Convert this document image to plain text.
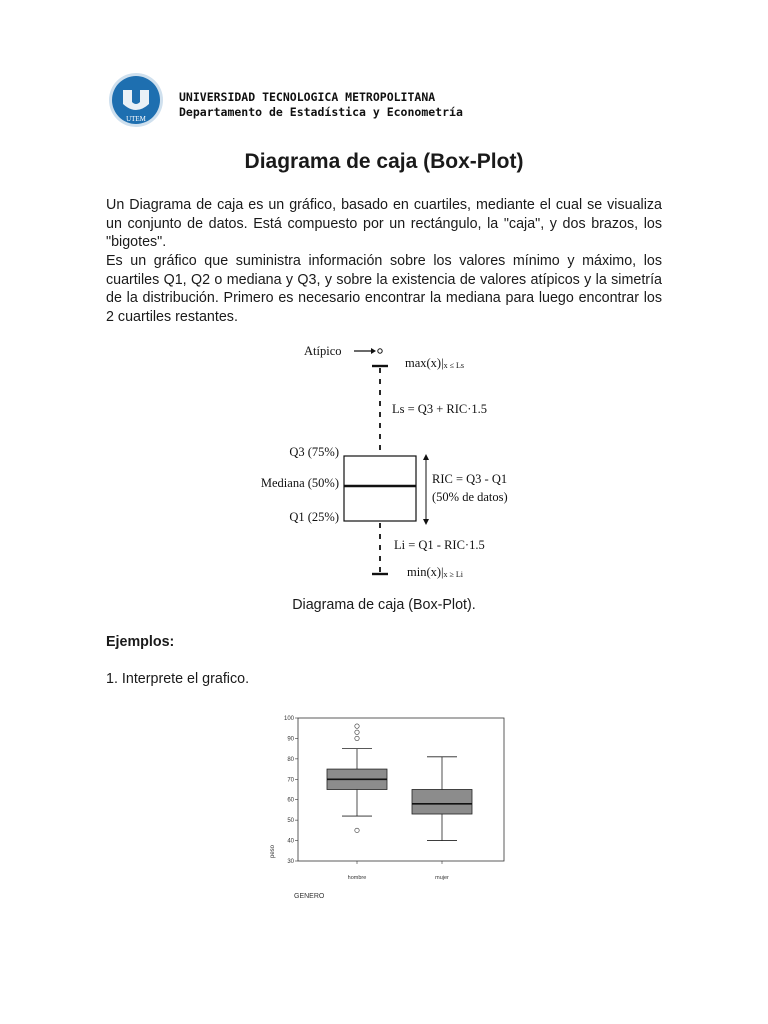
UTEM
UNIVERSIDAD TECNOLOGICA METROPOLITANA
Departamento de Estadística y Econometría
Diagrama de caja (Box-Plot)
Un Diagrama de caja es un gráfico, basado en cuartiles, mediante el cual se visualiza un conjunto de datos. Está compuesto por un rectángulo, la "caja", y dos brazos, los "bigotes".
Es un gráfico que suministra información sobre los valores mínimo y máximo, los cuartiles Q1, Q2 o mediana y Q3, y sobre la existencia de valores atípicos y la simetría de la distribución. Primero es necesario encontrar la mediana para luego encontrar los 2 cuartiles restantes.
Atípico
max(x)|x ≤ Ls
Ls = Q3 + RIC·1.5
Q3 (75%)
Mediana (50%)
Q1 (25%)
RIC = Q3 - Q1
(50% de datos)
Li = Q1 - RIC·1.5
min(x)|x ≥ Li
Diagrama de caja (Box-Plot).
Ejemplos:
1. Interprete el grafico.
30
40
50
60
70
80
90
100
hombre	mujer
peso
GENERO
